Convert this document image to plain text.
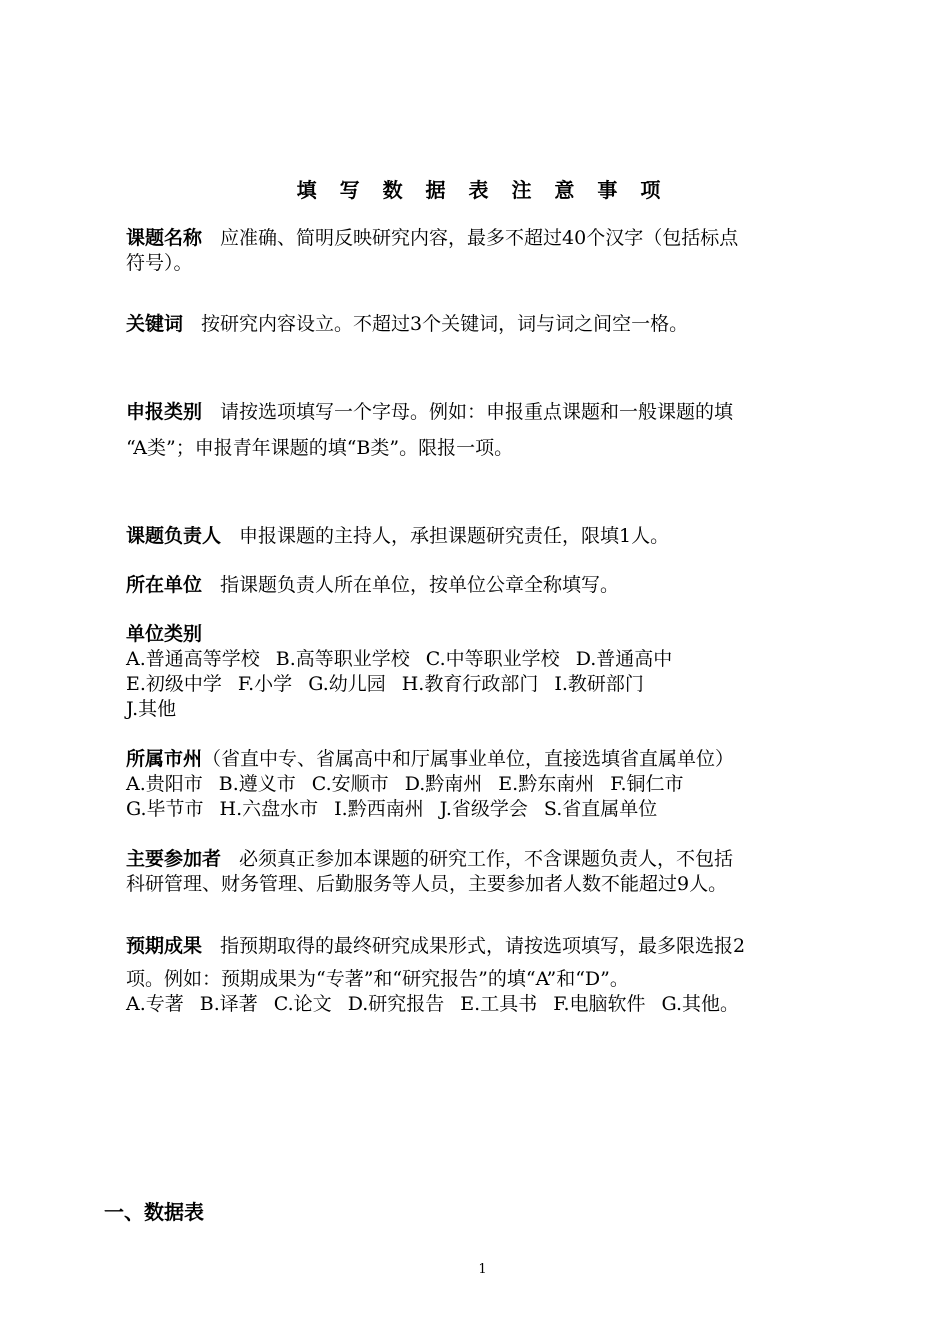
填 写 数 据 表 注 意 事 项
课题名称 应准确、简明反映研究内容，最多不超过40个汉字（包括标点
符号）。
关键词 按研究内容设立。不超过3个关键词，词与词之间空一格。
申报类别 请按选项填写一个字母。例如：申报重点课题和一般课题的填
“A类”；申报青年课题的填“B类”。限报一项。
课题负责人 申报课题的主持人，承担课题研究责任，限填1人。
所在单位 指课题负责人所在单位，按单位公章全称填写。
单位类别
A.普通高等学校 B.高等职业学校 C.中等职业学校 D.普通高中
E.初级中学 F.小学 G.幼儿园 H.教育行政部门 I.教研部门
J.其他
所属市州（省直中专、省属高中和厅属事业单位，直接选填省直属单位）
A.贵阳市 B.遵义市 C.安顺市 D.黔南州 E.黔东南州 F.铜仁市
G.毕节市 H.六盘水市 I.黔西南州 J.省级学会 S.省直属单位
主要参加者 必须真正参加本课题的研究工作，不含课题负责人，不包括
科研管理、财务管理、后勤服务等人员，主要参加者人数不能超过9人。
预期成果 指预期取得的最终研究成果形式，请按选项填写，最多限选报2
项。例如：预期成果为“专著”和“研究报告”的填“A”和“D”。
A.专著 B.译著 C.论文 D.研究报告 E.工具书 F.电脑软件 G.其他。
一、数据表
1
